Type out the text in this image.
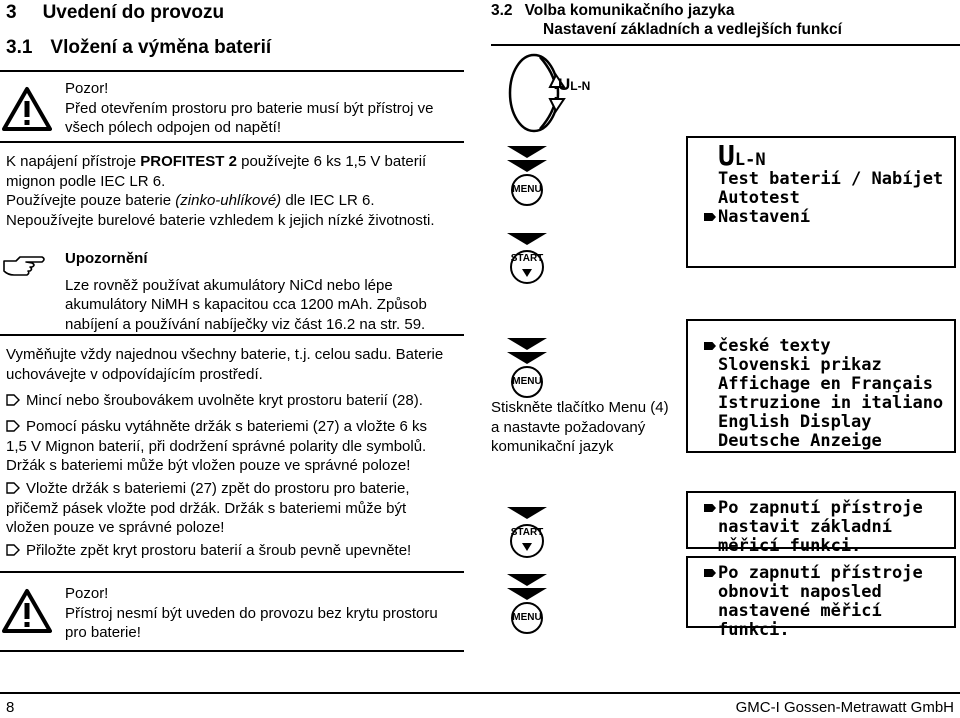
3 Uvedení do provozu
3.1 Vložení a výměna baterií
Pozor!
Před otevřením prostoru pro baterie musí být přístroj ve
všech pólech odpojen od napětí!
K napájení přístroje PROFITEST 2 používejte 6 ks 1,5 V baterií
mignon podle IEC LR 6.
Používejte pouze baterie (zinko-uhlíkové) dle IEC LR 6.
Nepoužívejte burelové baterie vzhledem k jejich nízké životnosti.
Upozornění
Lze rovněž používat akumulátory NiCd nebo lépe
akumulátory NiMH s kapacitou cca 1200 mAh. Způsob
nabíjení a používání nabíječky viz část 16.2 na str. 59.
Vyměňujte vždy najednou všechny baterie, t.j. celou sadu. Baterie
uchovávejte v odpovídajícím prostředí.
Mincí nebo šroubovákem uvolněte kryt prostoru baterií (28).
Pomocí pásku vytáhněte držák s bateriemi (27) a vložte 6 ks
1,5 V Mignon baterií, při dodržení správné polarity dle symbolů.
Držák s bateriemi může být vložen pouze ve správné poloze!
Vložte držák s bateriemi (27) zpět do prostoru pro baterie,
přičemž pásek vložte pod držák. Držák s bateriemi může být
vložen pouze ve správné poloze!
Přiložte zpět kryt prostoru baterií a šroub pevně upevněte!
Pozor!
Přístroj nesmí být uveden do provozu bez krytu prostoru
pro baterie!
3.2 Volba komunikačního jazyka
Nastavení základních a vedlejších funkcí
UL-N
MENU
START
MENU
START
MENU
UL-N
Test baterií / Nabíjet
Autotest
Nastavení
české texty
Slovenski prikaz
Affichage en Français
Istruzione in italiano
English Display
Deutsche Anzeige
Po zapnutí přístroje
nastavit základní
měřicí funkci.
Po zapnutí přístroje
obnovit naposled
nastavené měřicí
funkci.
Stiskněte tlačítko Menu (4)
a nastavte požadovaný
komunikační jazyk
8	GMC-I Gossen-Metrawatt GmbH
